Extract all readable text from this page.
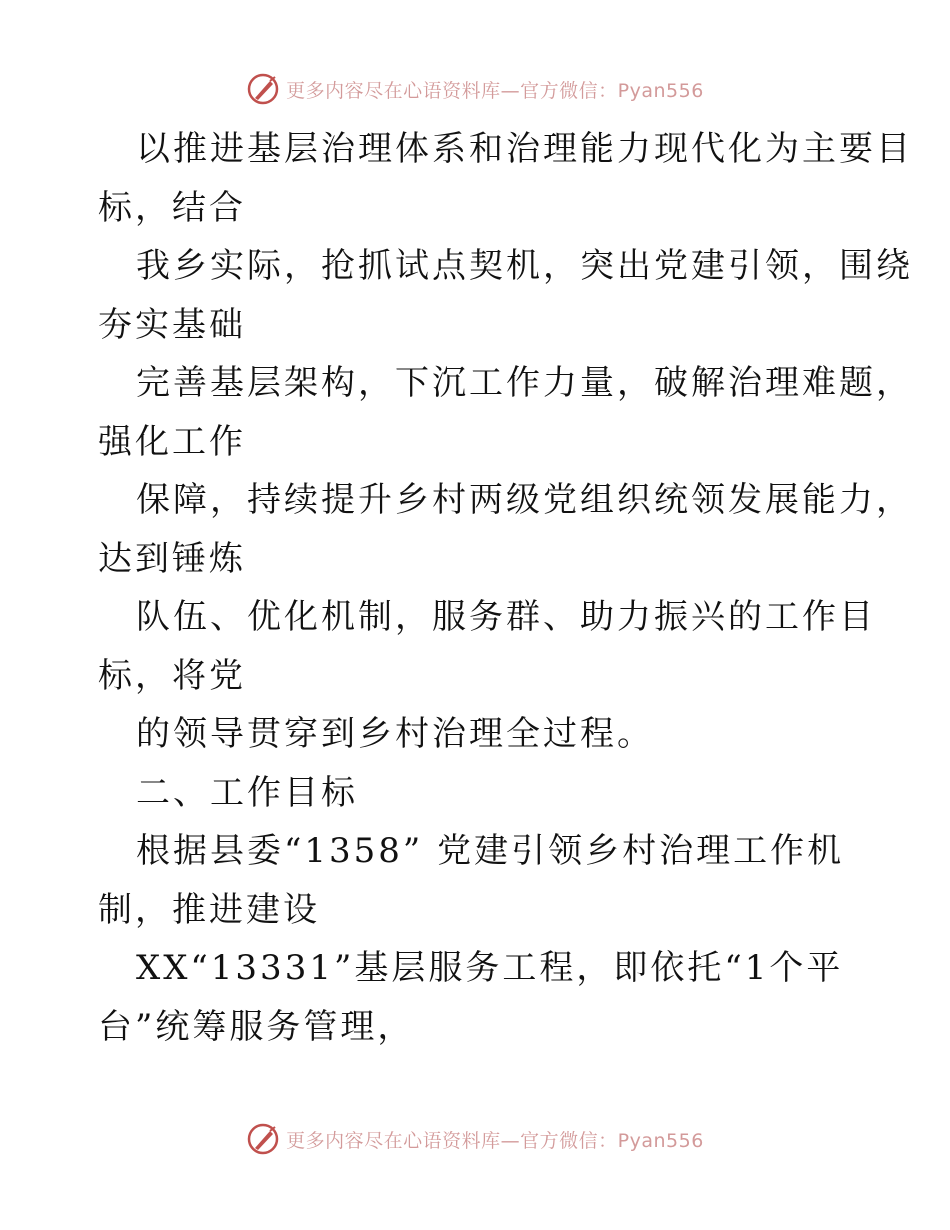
更多内容尽在心语资料库—官方微信：Pyan556
以推进基层治理体系和治理能力现代化为主要目
标，结合
我乡实际，抢抓试点契机，突出党建引领，围绕
夯实基础
完善基层架构，下沉工作力量，破解治理难题，
强化工作
保障，持续提升乡村两级党组织统领发展能力，
达到锤炼
队伍、优化机制，服务群、助力振兴的工作目
标，将党
的领导贯穿到乡村治理全过程。
二、工作目标
根据县委“1358” 党建引领乡村治理工作机
制，推进建设
XX“13331”基层服务工程，即依托“1个平
台”统筹服务管理，
更多内容尽在心语资料库—官方微信：Pyan556
